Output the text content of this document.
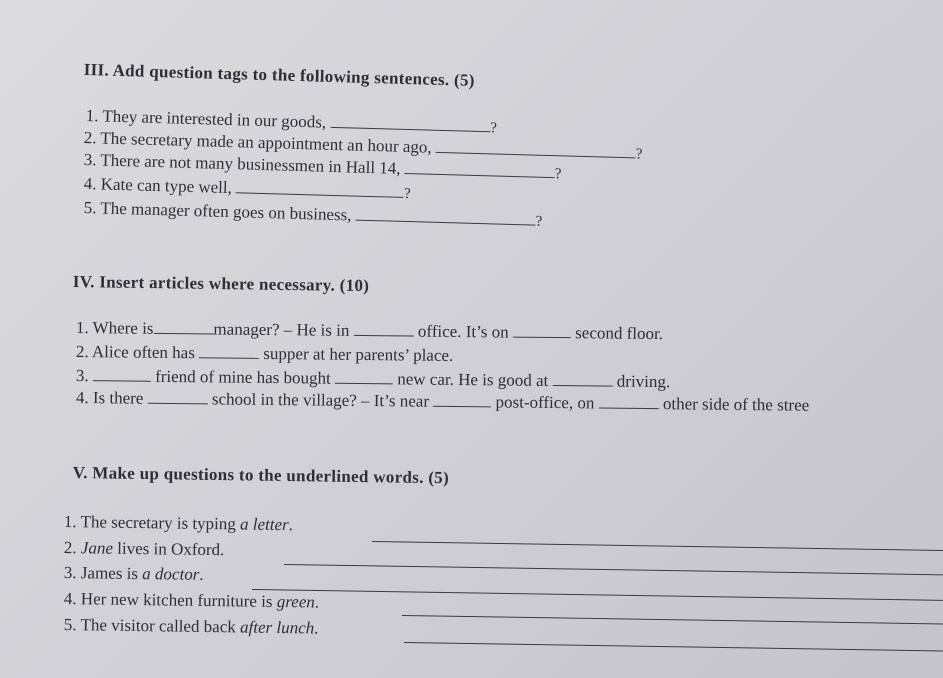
III. Add question tags to the following sentences. (5)
1. They are interested in our goods,	?
2. The secretary made an appointment an hour ago,	?
3. There are not many businessmen in Hall 14,	?
4. Kate can type well,	?
5. The manager often goes on business,	?
IV. Insert articles where necessary. (10)
1. Where is	manager? – He is in	office. It’s on	second floor.
2. Alice often has	supper at her parents’ place.
3.	friend of mine has bought	new car. He is good at	driving.
4. Is there	school in the village? – It’s near	post-office, on	other side of the stree
V. Make up questions to the underlined words. (5)
1. The secretary is typing a letter.
2. Jane lives in Oxford.
3. James is a doctor.
4. Her new kitchen furniture is green.
5. The visitor called back after lunch.
